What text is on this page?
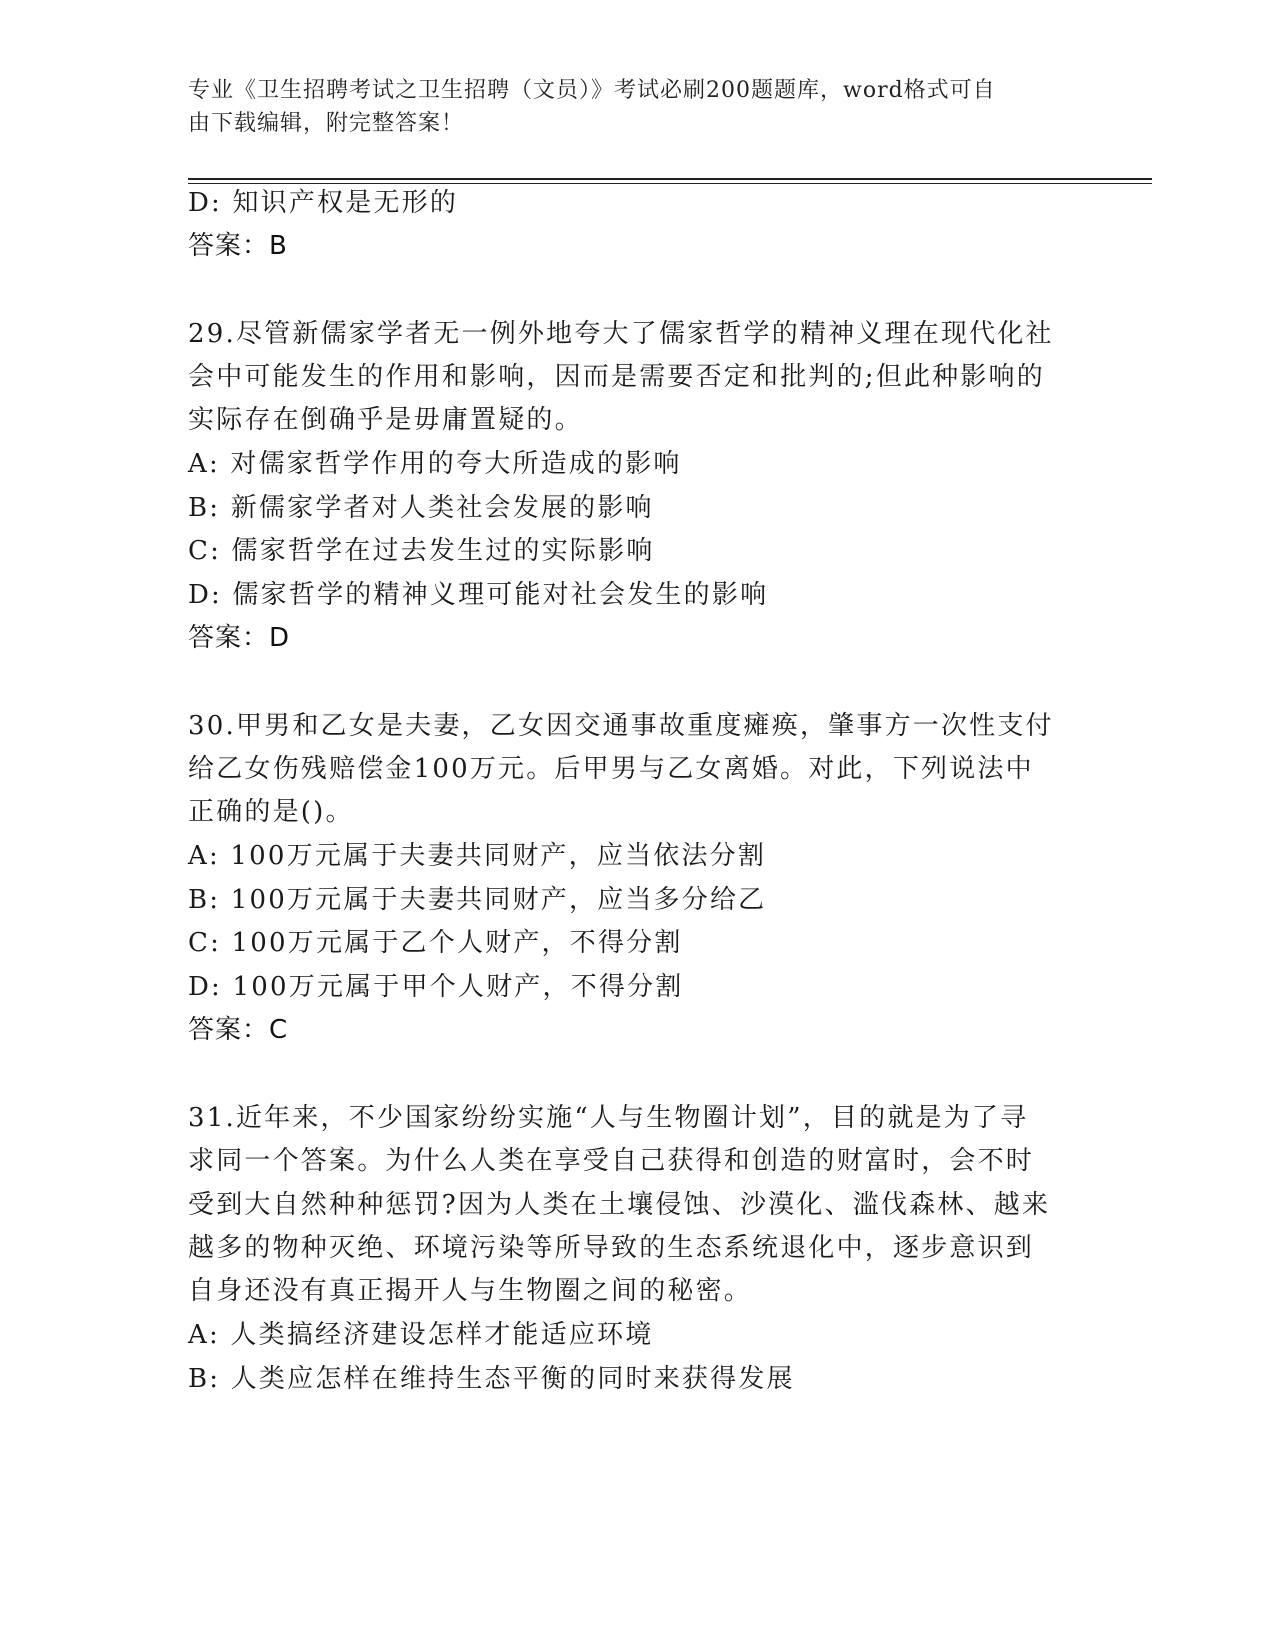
专业《卫生招聘考试之卫生招聘（文员）》考试必刷200题题库，word格式可自
由下载编辑，附完整答案！
D: 知识产权是无形的
答案：B
29.尽管新儒家学者无一例外地夸大了儒家哲学的精神义理在现代化社
会中可能发生的作用和影响，因而是需要否定和批判的;但此种影响的
实际存在倒确乎是毋庸置疑的。
A: 对儒家哲学作用的夸大所造成的影响
B: 新儒家学者对人类社会发展的影响
C: 儒家哲学在过去发生过的实际影响
D: 儒家哲学的精神义理可能对社会发生的影响
答案：D
30.甲男和乙女是夫妻，乙女因交通事故重度瘫痪，肇事方一次性支付
给乙女伤残赔偿金100万元。后甲男与乙女离婚。对此，下列说法中
正确的是()。
A: 100万元属于夫妻共同财产，应当依法分割
B: 100万元属于夫妻共同财产，应当多分给乙
C: 100万元属于乙个人财产，不得分割
D: 100万元属于甲个人财产，不得分割
答案：C
31.近年来，不少国家纷纷实施“人与生物圈计划”，目的就是为了寻
求同一个答案。为什么人类在享受自己获得和创造的财富时，会不时
受到大自然种种惩罚?因为人类在土壤侵蚀、沙漠化、滥伐森林、越来
越多的物种灭绝、环境污染等所导致的生态系统退化中，逐步意识到
自身还没有真正揭开人与生物圈之间的秘密。
A: 人类搞经济建设怎样才能适应环境
B: 人类应怎样在维持生态平衡的同时来获得发展
